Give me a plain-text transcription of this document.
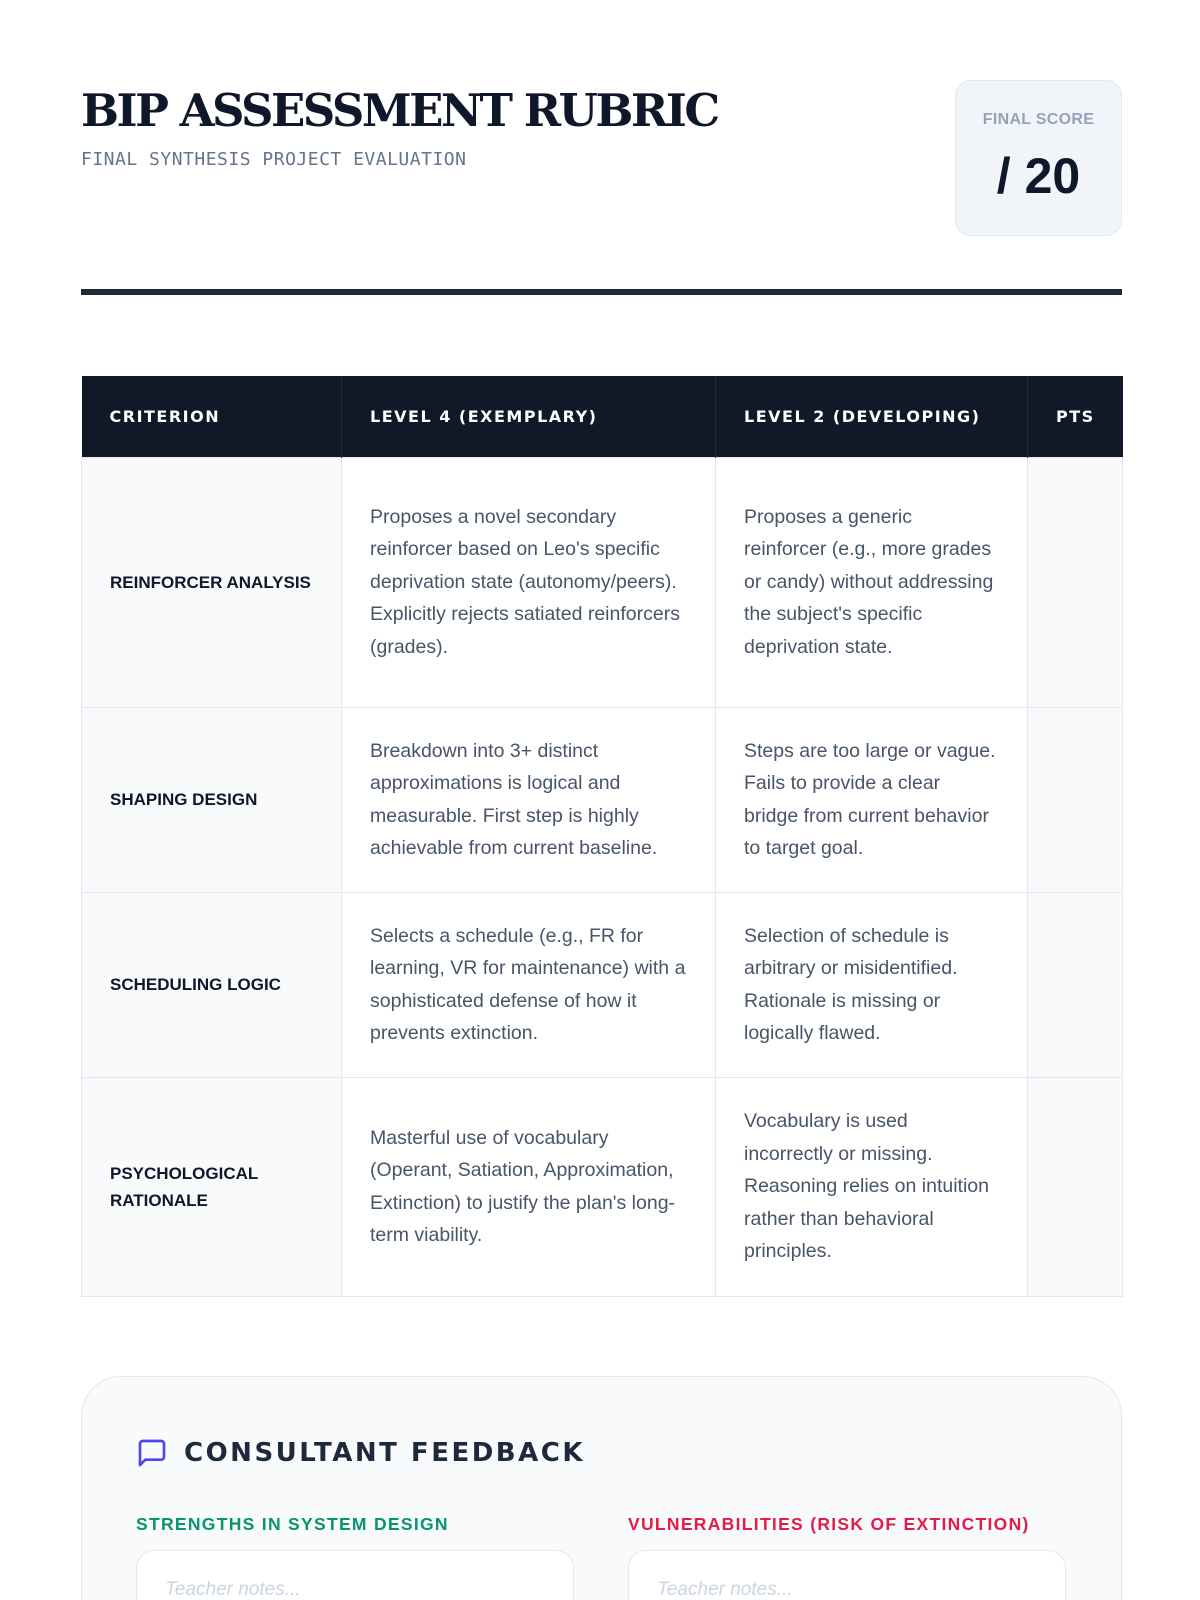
BIP ASSESSMENT RUBRIC
FINAL SYNTHESIS PROJECT EVALUATION
FINAL SCORE
/ 20
CRITERION	LEVEL 4 (EXEMPLARY)	LEVEL 2 (DEVELOPING)	PTS
REINFORCER ANALYSIS	Proposes a novel secondary reinforcer based on Leo's specific deprivation state (autonomy/peers). Explicitly rejects satiated reinforcers (grades).	Proposes a generic reinforcer (e.g., more grades or candy) without addressing the subject's specific deprivation state.	
SHAPING DESIGN	Breakdown into 3+ distinct approximations is logical and measurable. First step is highly achievable from current baseline.	Steps are too large or vague. Fails to provide a clear bridge from current behavior to target goal.	
SCHEDULING LOGIC	Selects a schedule (e.g., FR for learning, VR for maintenance) with a sophisticated defense of how it prevents extinction.	Selection of schedule is arbitrary or misidentified. Rationale is missing or logically flawed.	
PSYCHOLOGICAL RATIONALE	Masterful use of vocabulary (Operant, Satiation, Approximation, Extinction) to justify the plan's long-term viability.	Vocabulary is used incorrectly or missing. Reasoning relies on intuition rather than behavioral principles.	
CONSULTANT FEEDBACK
STRENGTHS IN SYSTEM DESIGN	VULNERABILITIES (RISK OF EXTINCTION)
Teacher notes...
Teacher notes...
